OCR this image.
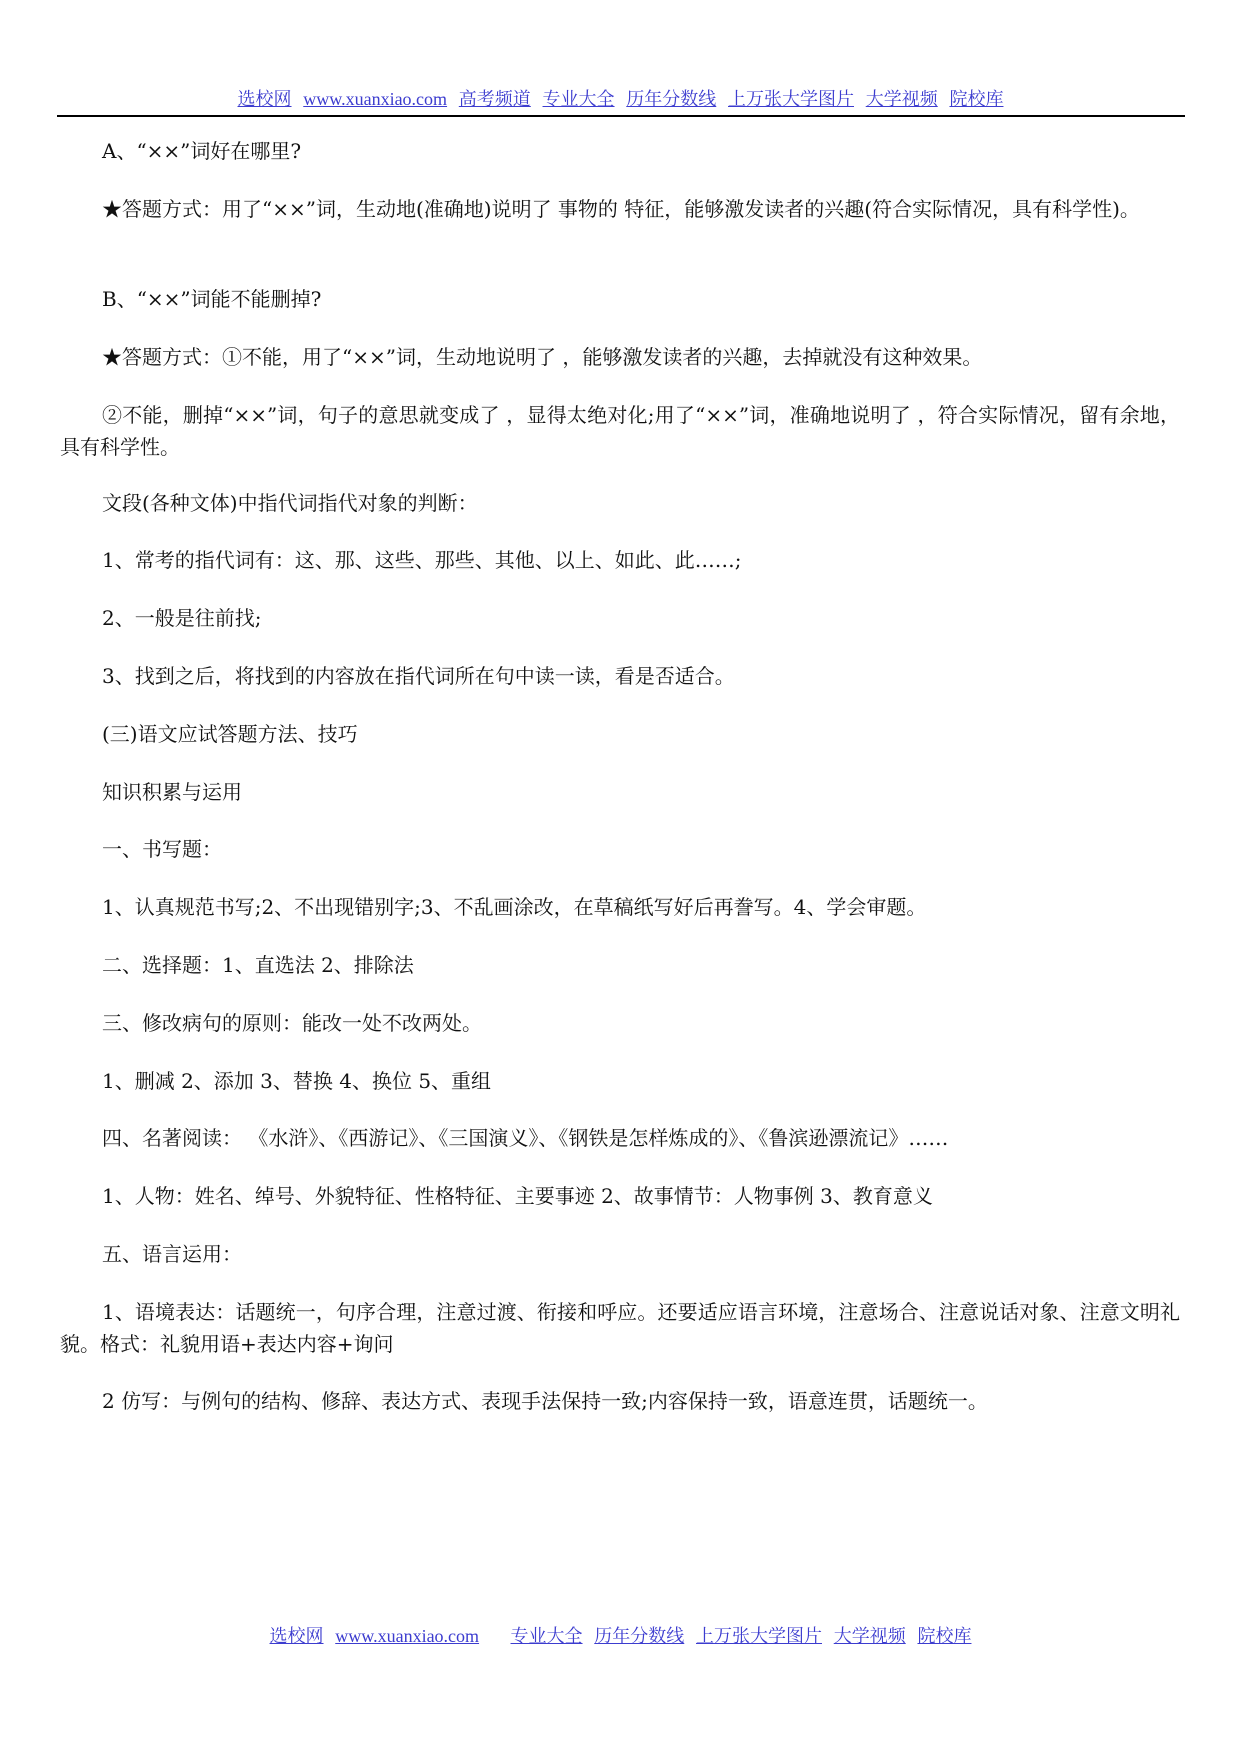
选校网 www.xuanxiao.com 高考频道 专业大全 历年分数线 上万张大学图片 大学视频 院校库
A、“××”词好在哪里?
★答题方式：用了“××”词，生动地(准确地)说明了 事物的 特征，能够激发读者的兴趣(符合实际情况，具有科学性)。
B、“××”词能不能删掉?
★答题方式：①不能，用了“××”词，生动地说明了 ，能够激发读者的兴趣，去掉就没有这种效果。
②不能，删掉“××”词，句子的意思就变成了 ，显得太绝对化;用了“××”词，准确地说明了 ，符合实际情况，留有余地，具有科学性。
文段(各种文体)中指代词指代对象的判断：
1、常考的指代词有：这、那、这些、那些、其他、以上、如此、此……;
2、一般是往前找;
3、找到之后，将找到的内容放在指代词所在句中读一读，看是否适合。
(三)语文应试答题方法、技巧
知识积累与运用
一、书写题：
1、认真规范书写;2、不出现错别字;3、不乱画涂改，在草稿纸写好后再誊写。4、学会审题。
二、选择题：1、直选法 2、排除法
三、修改病句的原则：能改一处不改两处。
1、删减 2、添加 3、替换 4、换位 5、重组
四、名著阅读： 《水浒》、《西游记》、《三国演义》、《钢铁是怎样炼成的》、《鲁滨逊漂流记》……
1、人物：姓名、绰号、外貌特征、性格特征、主要事迹 2、故事情节：人物事例 3、教育意义
五、语言运用：
1、语境表达：话题统一，句序合理，注意过渡、衔接和呼应。还要适应语言环境，注意场合、注意说话对象、注意文明礼貌。格式：礼貌用语+表达内容+询问
2 仿写：与例句的结构、修辞、表达方式、表现手法保持一致;内容保持一致，语意连贯，话题统一。
选校网 www.xuanxiao.com 专业大全 历年分数线 上万张大学图片 大学视频 院校库
